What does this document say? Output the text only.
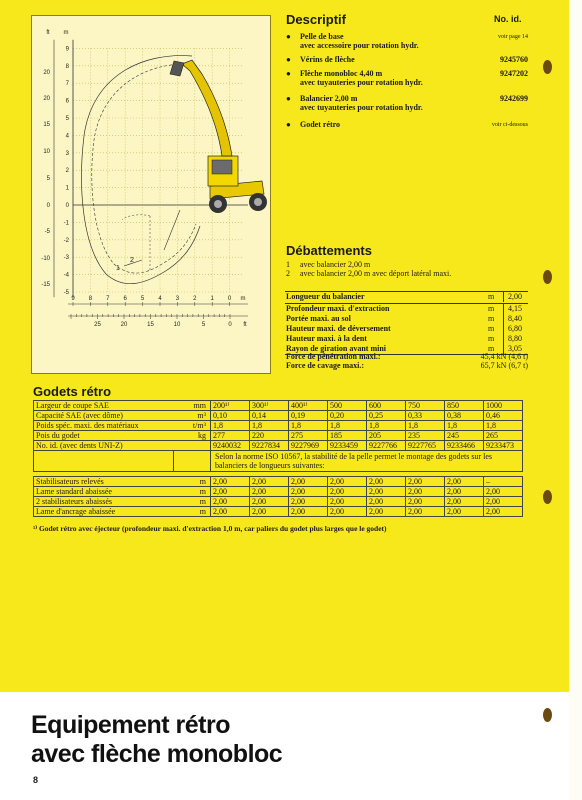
9
8
7
6
5
4
3
2
1
0
-1
-2
-3
-4
-5
20
20
15
10
5
0
-5
-10
-15
ft m
9 8 7 6 5 4 3 2 1 0 m
25	20	15	10	5	0 ft
1
2
Descriptif	No. id.
●	Pelle de base
avec accessoire pour rotation hydr.
voir page 14
●	Vérins de flèche	9245760
●	Flèche monobloc 4,40 m
avec tuyauteries pour rotation hydr.
9247202
●	Balancier 2,00 m
avec tuyauteries pour rotation hydr.
9242699
●	Godet rétro	voir ci-dessous
Débattements
1 avec balancier 2,00 m
2 avec balancier 2,00 m avec déport latéral maxi.
Longueur du balancier	m	2,00
Profondeur maxi. d'extraction	m	4,15
Portée maxi. au sol	m	8,40
Hauteur maxi. de déversement	m	6,80
Hauteur maxi. à la dent	m	8,80
Rayon de giration avant mini	m	3,05
Force de pénétration maxi.:	45,4 kN (4,6 t)
Force de cavage maxi.:	65,7 kN (6,7 t)
Godets rétro
Largeur de coupe SAE	mm	200¹⁾	300¹⁾	400¹⁾	500	600	750	850	1000
Capacité SAE (avec dôme)	m³	0,10	0,14	0,19	0,20	0,25	0,33	0,38	0,46
Poids spéc. maxi. des matériaux	t/m³	1,8	1,8	1,8	1,8	1,8	1,8	1,8	1,8
Pois du godet	kg	277	220	275	185	205	235	245	265
No. id. (avec dents UNI-Z)		9240032	9227834	9227969	9233459	9227766	9227765	9233466	9233473
		Selon la norme ISO 10567, la stabilité de la pelle permet le montage des godets sur les balanciers de longueurs suivantes:							

Stabilisateurs relevés	m	2,00	2,00	2,00	2,00	2,00	2,00	2,00	–
Lame standard abaissée	m	2,00	2,00	2,00	2,00	2,00	2,00	2,00	2,00
2 stabilisateurs abaissés	m	2,00	2,00	2,00	2,00	2,00	2,00	2,00	2,00
Lame d'ancrage abaissée	m	2,00	2,00	2,00	2,00	2,00	2,00	2,00	2,00
¹⁾ Godet rétro avec éjecteur (profondeur maxi. d'extraction 1,0 m, car paliers du godet plus larges que le godet)
Equipement rétro
avec flèche monobloc
8
